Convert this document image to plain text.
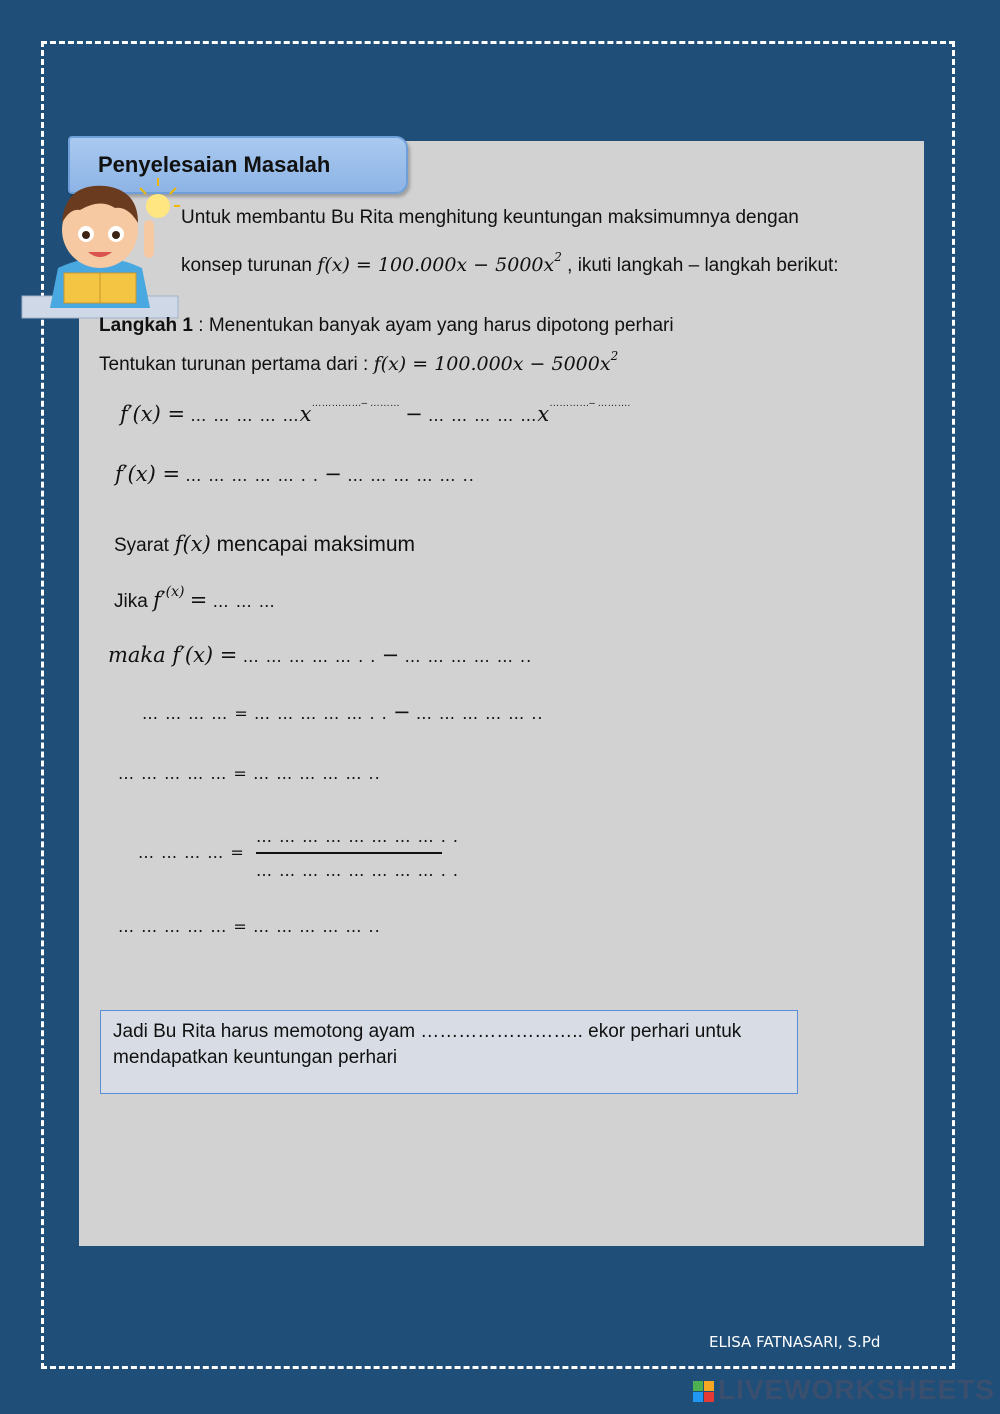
Penyelesaian Masalah
Untuk membantu Bu Rita menghitung keuntungan maksimumnya dengan
konsep turunan $f(x) = 100.000x - 5000x^2$ , ikuti langkah – langkah berikut:
Langkah 1 : Menentukan banyak ayam yang harus dipotong perhari
Tentukan turunan pertama dari : $f(x) = 100.000x - 5000x^2$
f′(x) = … … … … …x……………– ……… − … … … … …x…………– ……….
f′(x) = … … … … … . . − … … … … … ..
Syarat f(x) mencapai maksimum
Jika $f'^{(x)}$ = … … …
maka f′(x) = … … … … … . . − … … … … … ..
… … … … = … … … … … . . − … … … … … ..
… … … … … = … … … … … ..
… … … … =
… … … … … … … … . .
… … … … … … … … . .
… … … … … = … … … … … ..
Jadi Bu Rita harus memotong ayam …………………….. ekor perhari untuk
mendapatkan keuntungan perhari
ELISA FATNASARI, S.Pd
LIVEWORKSHEETS
